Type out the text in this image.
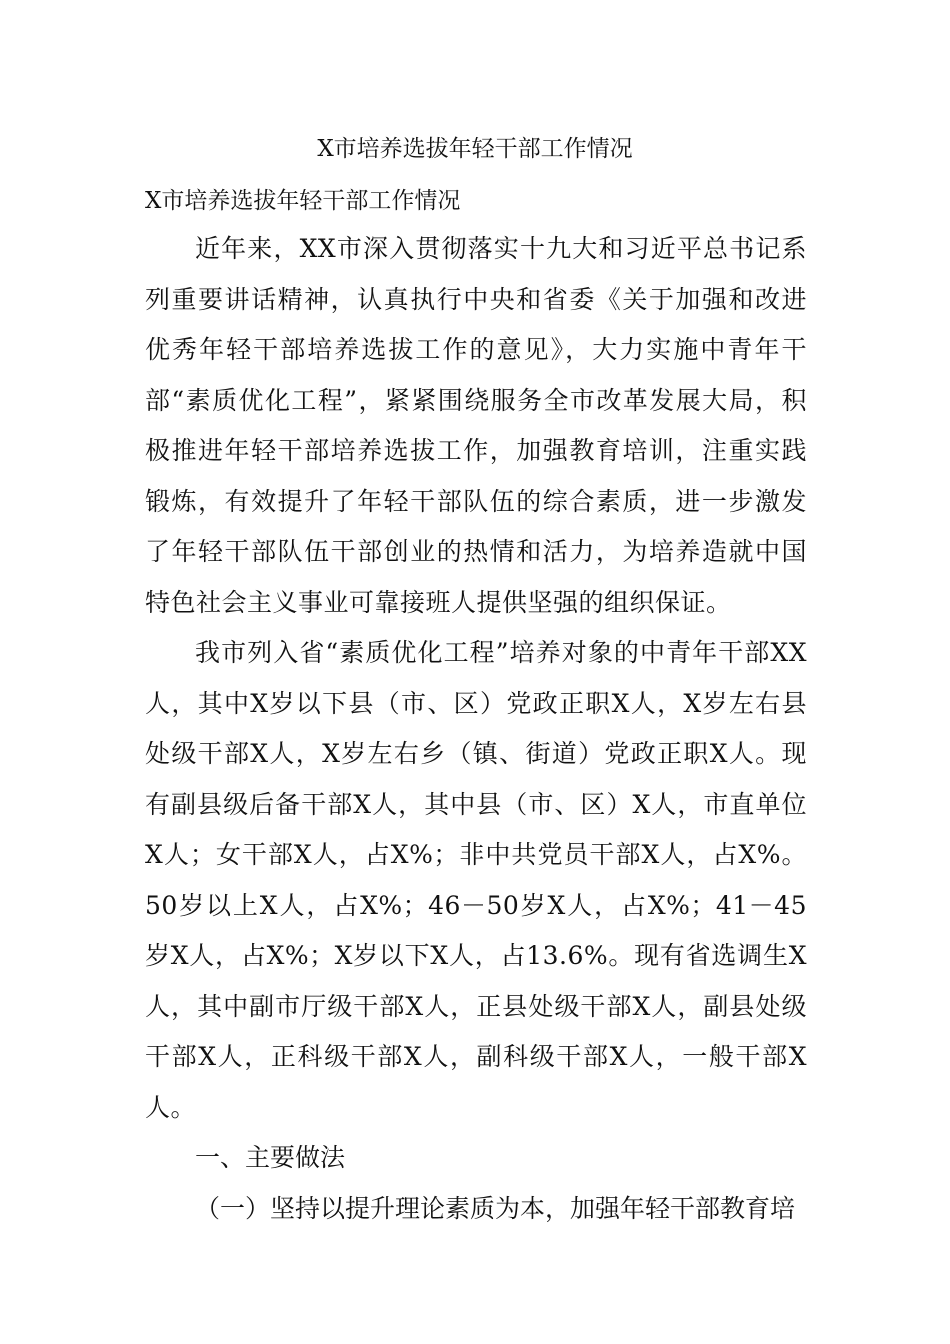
X市培养选拔年轻干部工作情况
X市培养选拔年轻干部工作情况

近年来，XX市深入贯彻落实十九大和习近平总书记系列重要讲话精神，认真执行中央和省委《关于加强和改进优秀年轻干部培养选拔工作的意见》，大力实施中青年干部“素质优化工程”，紧紧围绕服务全市改革发展大局，积极推进年轻干部培养选拔工作，加强教育培训，注重实践锻炼，有效提升了年轻干部队伍的综合素质，进一步激发了年轻干部队伍干部创业的热情和活力，为培养造就中国特色社会主义事业可靠接班人提供坚强的组织保证。

我市列入省“素质优化工程”培养对象的中青年干部XX人，其中X岁以下县（市、区）党政正职X人，X岁左右县处级干部X人，X岁左右乡（镇、街道）党政正职X人。现有副县级后备干部X人，其中县（市、区）X人，市直单位X人；女干部X人，占X%；非中共党员干部X人，占X%。50岁以上X人，占X%；46－50岁X人，占X%；41－45岁X人，占X%；X岁以下X人，占13.6%。现有省选调生X人，其中副市厅级干部X人，正县处级干部X人，副县处级干部X人，正科级干部X人，副科级干部X人，一般干部X人。

一、主要做法

（一）坚持以提升理论素质为本，加强年轻干部教育培
